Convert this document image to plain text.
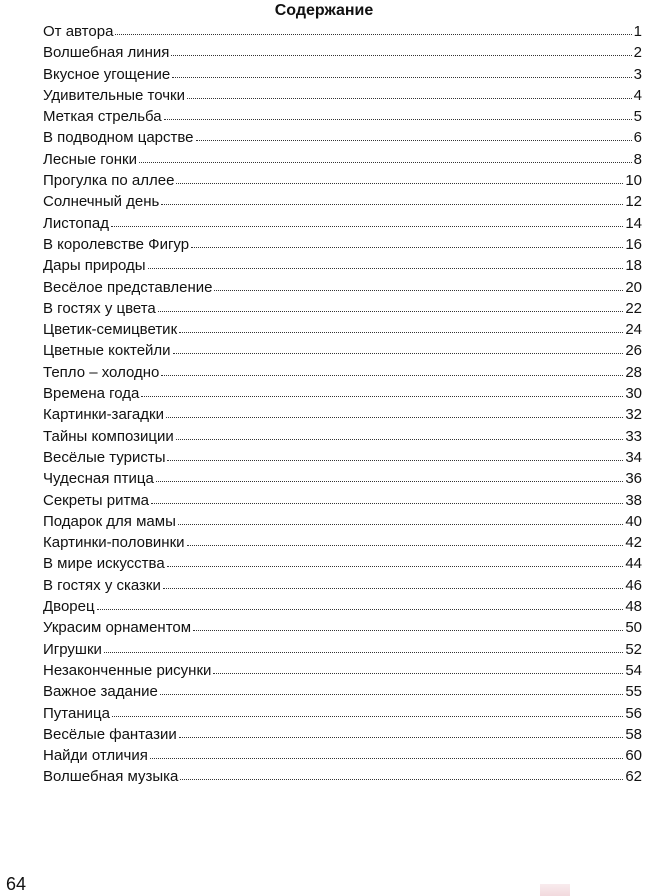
Содержание
От автора	1
Волшебная линия	2
Вкусное угощение	3
Удивительные точки	4
Меткая стрельба	5
В подводном царстве	6
Лесные гонки	8
Прогулка по аллее	10
Солнечный день	12
Листопад	14
В королевстве Фигур	16
Дары природы	18
Весёлое представление	20
В гостях у цвета	22
Цветик-семицветик	24
Цветные коктейли	26
Тепло – холодно	28
Времена года	30
Картинки-загадки	32
Тайны композиции	33
Весёлые туристы	34
Чудесная птица	36
Секреты ритма	38
Подарок для мамы	40
Картинки-половинки	42
В мире искусства	44
В гостях у сказки	46
Дворец	48
Украсим орнаментом	50
Игрушки	52
Незаконченные рисунки	54
Важное задание	55
Путаница	56
Весёлые фантазии	58
Найди отличия	60
Волшебная музыка	62
64
